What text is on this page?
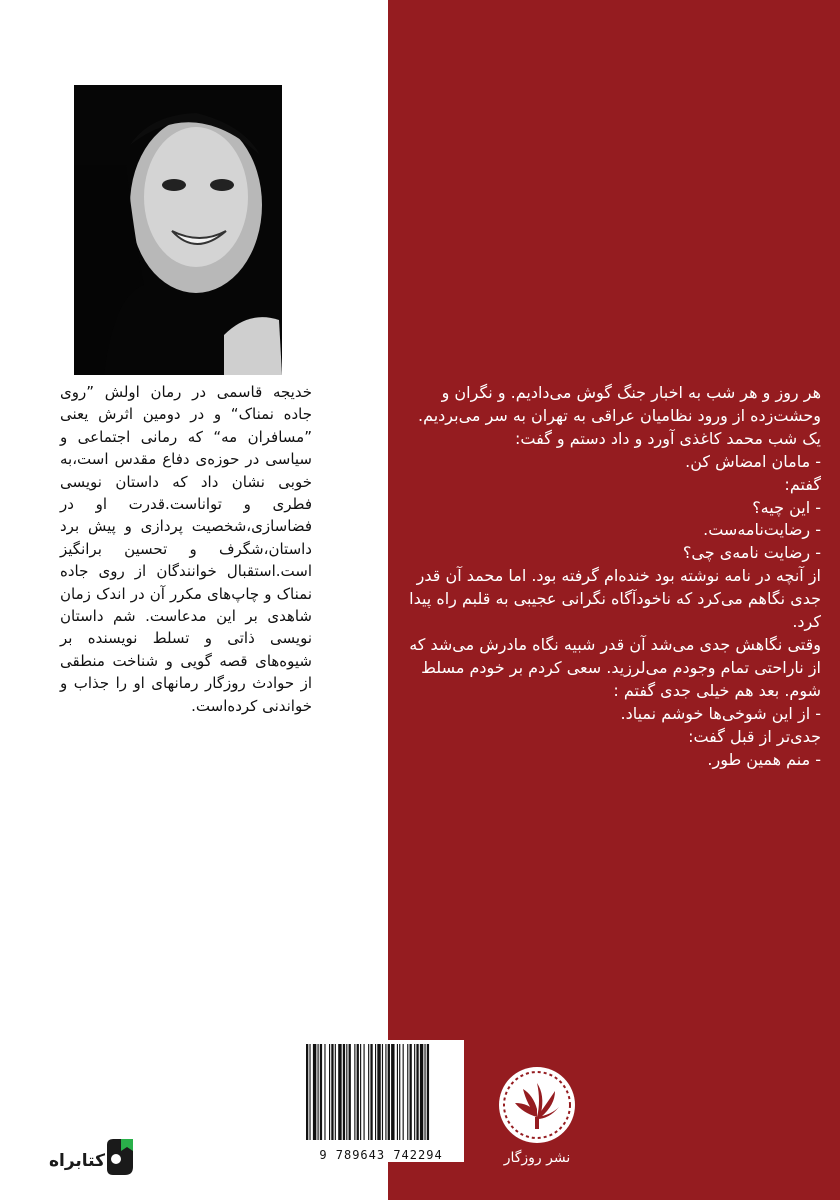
خدیجه قاسمی در رمان اولش ”روی جاده نمناک“ و در دومین اثرش یعنی ”مسافران مه“ که رمانی اجتماعی و سیاسی در حوزه‌ی دفاع مقدس است،به خوبی نشان داد که داستان نویسی فطری و تواناست.قدرت او در فضاسازی،شخصیت پردازی و پیش برد داستان،شگرف و تحسین برانگیز است.استقبال خوانندگان از روی جاده نمناک و چاپ‌های مکرر آن در اندک زمان شاهدی بر این مدعاست. شم داستان نویسی ذاتی و تسلط نویسنده بر شیوه‌های قصه گویی و شناخت منطقی از حوادث روزگار رمانهای او را جذاب و خواندنی کرده‌است.

هر روز و هر شب به اخبار جنگ گوش می‌دادیم. و نگران و وحشت‌زده از ورود نظامیان عراقی به تهران به سر می‌بردیم.

یک شب محمد کاغذی آورد و داد دستم و گفت:

- مامان امضاش کن.

گفتم:

- این چیه؟

- رضایت‌نامه‌ست.

- رضایت نامه‌ی چی؟

از آنچه در نامه نوشته بود خنده‌ام گرفته بود. اما محمد آن قدر جدی نگاهم می‌کرد که ناخودآگاه نگرانی عجیبی به قلبم راه پیدا کرد.

وقتی نگاهش جدی می‌شد آن قدر شبیه نگاه مادرش می‌شد که از ناراحتی تمام وجودم می‌لرزید. سعی کردم بر خودم مسلط شوم. بعد هم خیلی جدی گفتم :

- از این شوخی‌ها خوشم نمیاد.

جدی‌تر از قبل گفت:

- منم همین طور.

9 789643 742294	نشر روزگار
کتابراه
